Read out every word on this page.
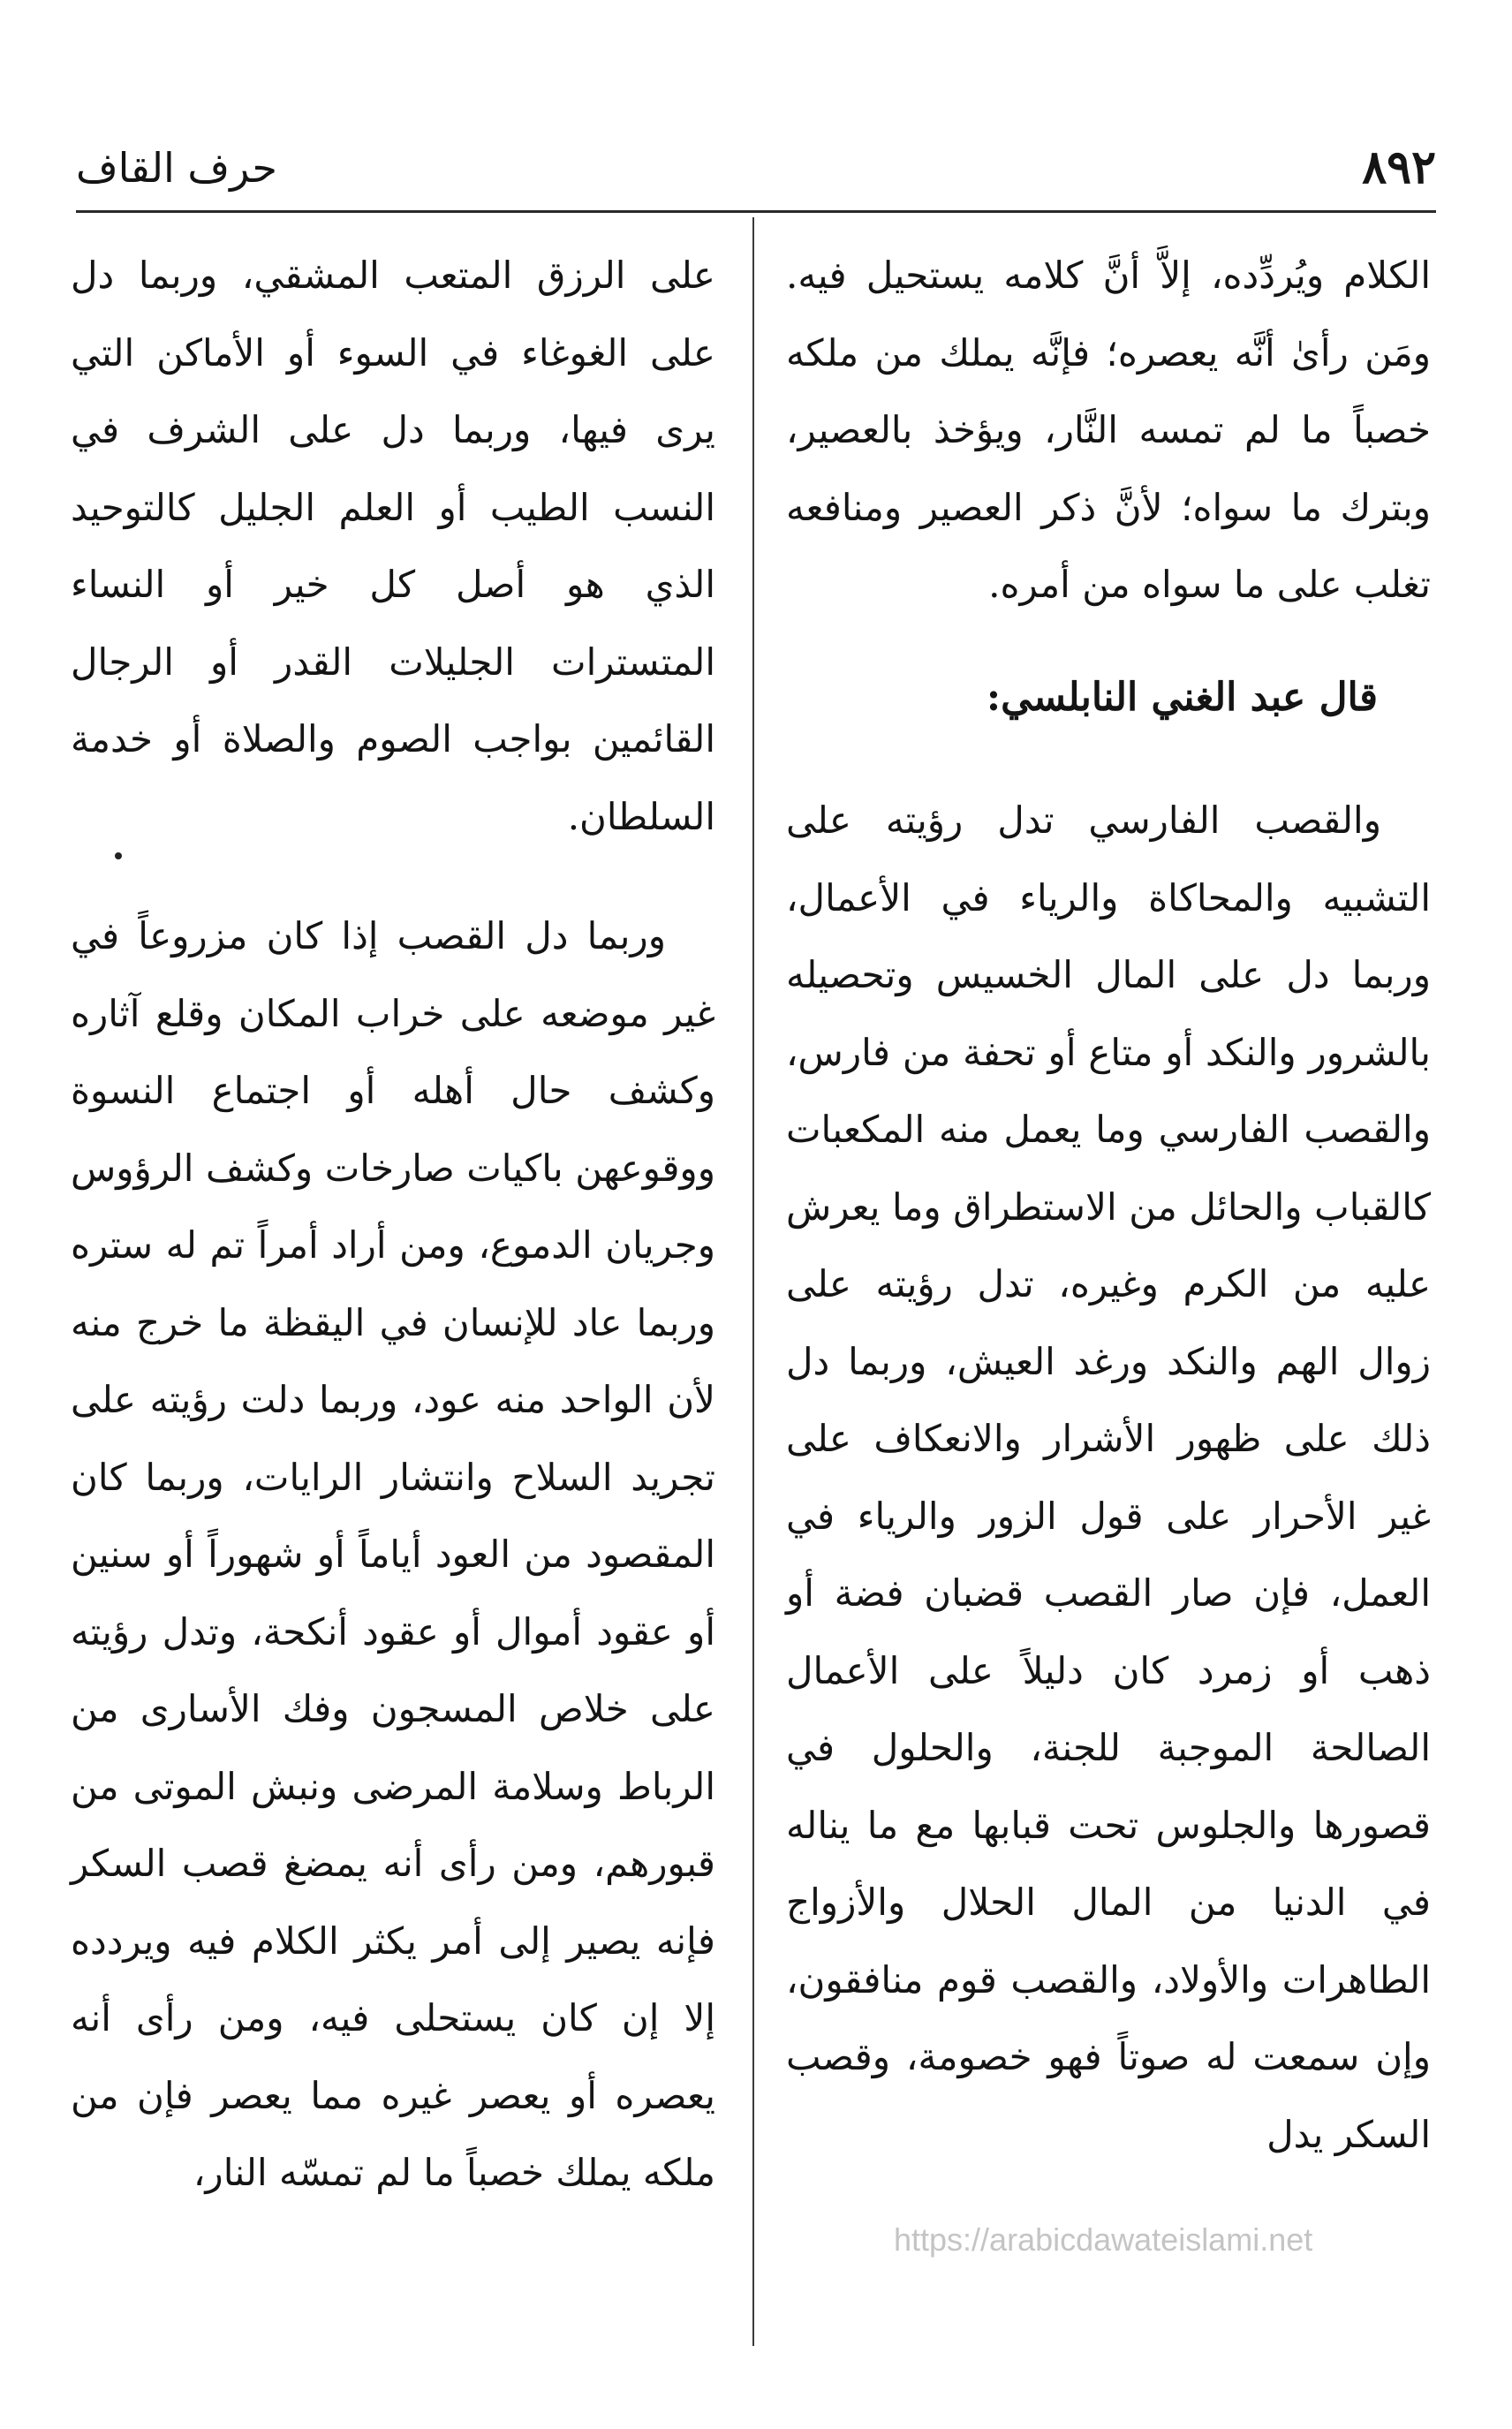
٨٩٢
حرف القاف

الكلام ويُردِّده، إلاَّ أنَّ كلامه يستحيل فيه. ومَن رأىٰ أنَّه يعصره؛ فإنَّه يملك من ملكه خصباً ما لم تمسه النَّار، ويؤخذ بالعصير، وبترك ما سواه؛ لأنَّ ذكر العصير ومنافعه تغلب على ما سواه من أمره.

قال عبد الغني النابلسي:

والقصب الفارسي تدل رؤيته على التشبيه والمحاكاة والرياء في الأعمال، وربما دل على المال الخسيس وتحصيله بالشرور والنكد أو متاع أو تحفة من فارس، والقصب الفارسي وما يعمل منه المكعبات كالقباب والحائل من الاستطراق وما يعرش عليه من الكرم وغيره، تدل رؤيته على زوال الهم والنكد ورغد العيش، وربما دل ذلك على ظهور الأشرار والانعكاف على غير الأحرار على قول الزور والرياء في العمل، فإن صار القصب قضبان فضة أو ذهب أو زمرد كان دليلاً على الأعمال الصالحة الموجبة للجنة، والحلول في قصورها والجلوس تحت قبابها مع ما يناله في الدنيا من المال الحلال والأزواج الطاهرات والأولاد، والقصب قوم منافقون، وإن سمعت له صوتاً فهو خصومة، وقصب السكر يدل

على الرزق المتعب المشقي، وربما دل على الغوغاء في السوء أو الأماكن التي يرى فيها، وربما دل على الشرف في النسب الطيب أو العلم الجليل كالتوحيد الذي هو أصل كل خير أو النساء المتسترات الجليلات القدر أو الرجال القائمين بواجب الصوم والصلاة أو خدمة السلطان.

وربما دل القصب إذا كان مزروعاً في غير موضعه على خراب المكان وقلع آثاره وكشف حال أهله أو اجتماع النسوة ووقوعهن باكيات صارخات وكشف الرؤوس وجريان الدموع، ومن أراد أمراً تم له ستره وربما عاد للإنسان في اليقظة ما خرج منه لأن الواحد منه عود، وربما دلت رؤيته على تجريد السلاح وانتشار الرايات، وربما كان المقصود من العود أياماً أو شهوراً أو سنين أو عقود أموال أو عقود أنكحة، وتدل رؤيته على خلاص المسجون وفك الأسارى من الرباط وسلامة المرضى ونبش الموتى من قبورهم، ومن رأى أنه يمضغ قصب السكر فإنه يصير إلى أمر يكثر الكلام فيه ويردده إلا إن كان يستحلى فيه، ومن رأى أنه يعصره أو يعصر غيره مما يعصر فإن من ملكه يملك خصباً ما لم تمسّه النار،

https://arabicdawateislami.net
